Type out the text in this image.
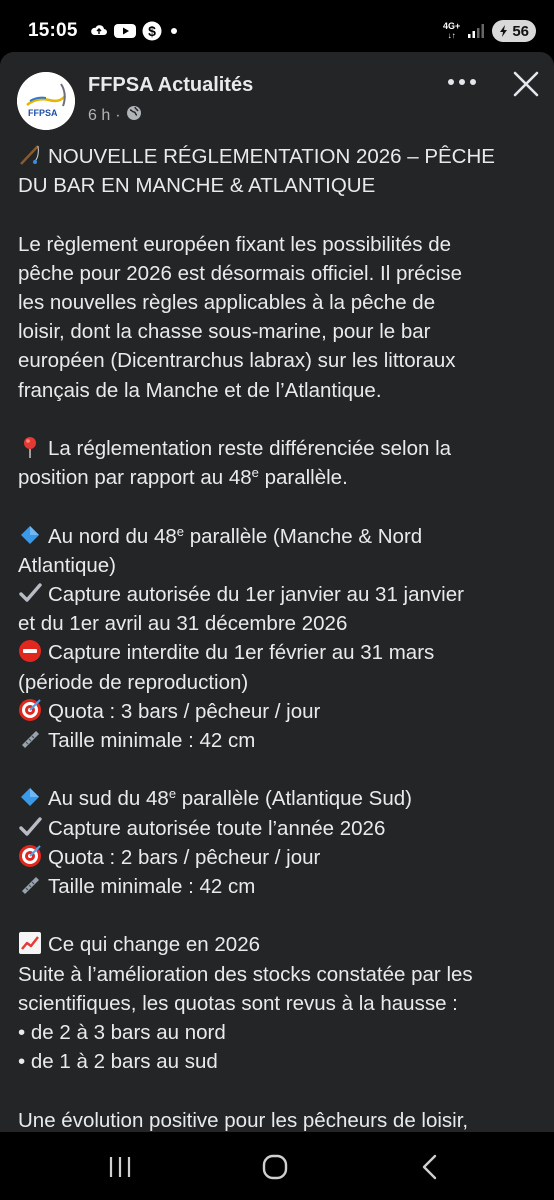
15:05	$	4G+
↓↑	56
FFPSA
FFPSA Actualités
6 h ·

NOUVELLE RÉGLEMENTATION 2026 – PÊCHE
DU BAR EN MANCHE & ATLANTIQUE

Le règlement européen fixant les possibilités de
pêche pour 2026 est désormais officiel. Il précise
les nouvelles règles applicables à la pêche de
loisir, dont la chasse sous-marine, pour le bar
européen (Dicentrarchus labrax) sur les littoraux
français de la Manche et de l’Atlantique.

La réglementation reste différenciée selon la
position par rapport au 48e parallèle.

Au nord du 48e parallèle (Manche & Nord
Atlantique)
Capture autorisée du 1er janvier au 31 janvier
et du 1er avril au 31 décembre 2026
Capture interdite du 1er février au 31 mars
(période de reproduction)
Quota : 3 bars / pêcheur / jour
Taille minimale : 42 cm

Au sud du 48e parallèle (Atlantique Sud)
Capture autorisée toute l’année 2026
Quota : 2 bars / pêcheur / jour
Taille minimale : 42 cm

Ce qui change en 2026
Suite à l’amélioration des stocks constatée par les
scientifiques, les quotas sont revus à la hausse :
• de 2 à 3 bars au nord
• de 1 à 2 bars au sud

Une évolution positive pour les pêcheurs de loisir,
